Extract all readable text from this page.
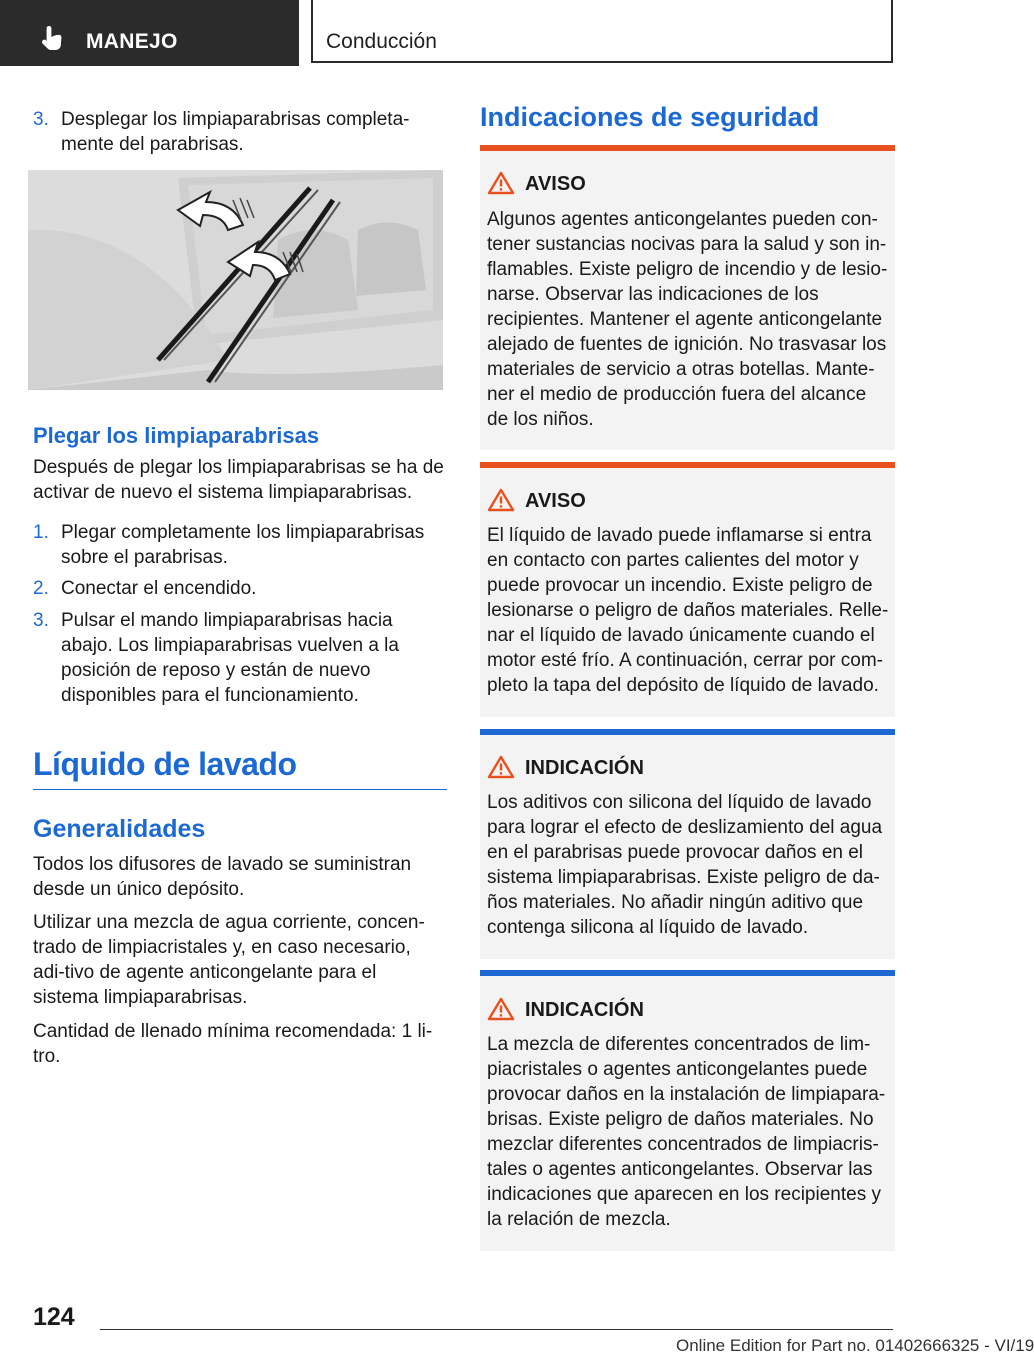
MANEJO	Conducción
3. Desplegar los limpiaparabrisas completa-mente del parabrisas.
Plegar los limpiaparabrisas
Después de plegar los limpiaparabrisas se ha de activar de nuevo el sistema limpiaparabrisas.
1. Plegar completamente los limpiaparabrisas sobre el parabrisas.
2. Conectar el encendido.
3. Pulsar el mando limpiaparabrisas hacia abajo. Los limpiaparabrisas vuelven a la posición de reposo y están de nuevo disponibles para el funcionamiento.
Líquido de lavado
Generalidades
Todos los difusores de lavado se suministran desde un único depósito.
Utilizar una mezcla de agua corriente, concen-trado de limpiacristales y, en caso necesario, adi-tivo de agente anticongelante para el sistema limpiaparabrisas.
Cantidad de llenado mínima recomendada: 1 li-tro.
Indicaciones de seguridad
AVISO
Algunos agentes anticongelantes pueden con-tener sustancias nocivas para la salud y son in-flamables. Existe peligro de incendio y de lesio-narse. Observar las indicaciones de los recipientes. Mantener el agente anticongelante alejado de fuentes de ignición. No trasvasar los materiales de servicio a otras botellas. Mante-ner el medio de producción fuera del alcance de los niños.
AVISO
El líquido de lavado puede inflamarse si entra en contacto con partes calientes del motor y puede provocar un incendio. Existe peligro de lesionarse o peligro de daños materiales. Relle-nar el líquido de lavado únicamente cuando el motor esté frío. A continuación, cerrar por com-pleto la tapa del depósito de líquido de lavado.
INDICACIÓN
Los aditivos con silicona del líquido de lavado para lograr el efecto de deslizamiento del agua en el parabrisas puede provocar daños en el sistema limpiaparabrisas. Existe peligro de da-ños materiales. No añadir ningún aditivo que contenga silicona al líquido de lavado.
INDICACIÓN
La mezcla de diferentes concentrados de lim-piacristales o agentes anticongelantes puede provocar daños en la instalación de limpiapara-brisas. Existe peligro de daños materiales. No mezclar diferentes concentrados de limpiacris-tales o agentes anticongelantes. Observar las indicaciones que aparecen en los recipientes y la relación de mezcla.
124
Online Edition for Part no. 01402666325 - VI/19
